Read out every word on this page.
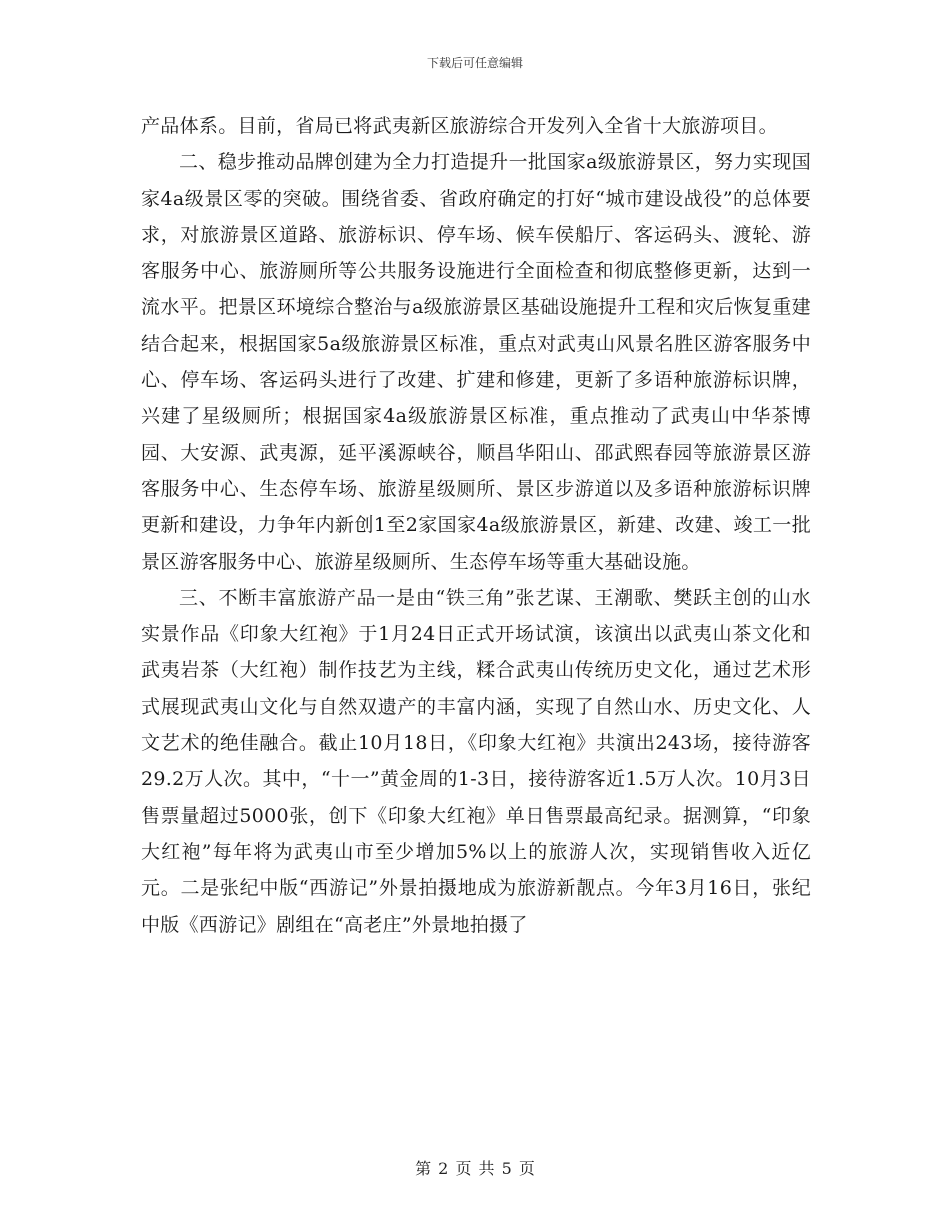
下载后可任意编辑

产品体系。目前，省局已将武夷新区旅游综合开发列入全省十大旅游项目。

二、稳步推动品牌创建为全力打造提升一批国家a级旅游景区，努力实现国家4a级景区零的突破。围绕省委、省政府确定的打好“城市建设战役”的总体要求，对旅游景区道路、旅游标识、停车场、候车侯船厅、客运码头、渡轮、游客服务中心、旅游厕所等公共服务设施进行全面检查和彻底整修更新，达到一流水平。把景区环境综合整治与a级旅游景区基础设施提升工程和灾后恢复重建结合起来，根据国家5a级旅游景区标准，重点对武夷山风景名胜区游客服务中心、停车场、客运码头进行了改建、扩建和修建，更新了多语种旅游标识牌，兴建了星级厕所；根据国家4a级旅游景区标准，重点推动了武夷山中华茶博园、大安源、武夷源，延平溪源峡谷，顺昌华阳山、邵武熙春园等旅游景区游客服务中心、生态停车场、旅游星级厕所、景区步游道以及多语种旅游标识牌更新和建设，力争年内新创1至2家国家4a级旅游景区，新建、改建、竣工一批景区游客服务中心、旅游星级厕所、生态停车场等重大基础设施。

三、不断丰富旅游产品一是由“铁三角”张艺谋、王潮歌、樊跃主创的山水实景作品《印象大红袍》于1月24日正式开场试演，该演出以武夷山茶文化和武夷岩茶（大红袍）制作技艺为主线，糅合武夷山传统历史文化，通过艺术形式展现武夷山文化与自然双遗产的丰富内涵，实现了自然山水、历史文化、人文艺术的绝佳融合。截止10月18日，《印象大红袍》共演出243场，接待游客29.2万人次。其中，“十一”黄金周的1-3日，接待游客近1.5万人次。10月3日售票量超过5000张，创下《印象大红袍》单日售票最高纪录。据测算，“印象大红袍”每年将为武夷山市至少增加5%以上的旅游人次，实现销售收入近亿元。二是张纪中版“西游记”外景拍摄地成为旅游新靓点。今年3月16日，张纪中版《西游记》剧组在“高老庄”外景地拍摄了

第 2 页 共 5 页
